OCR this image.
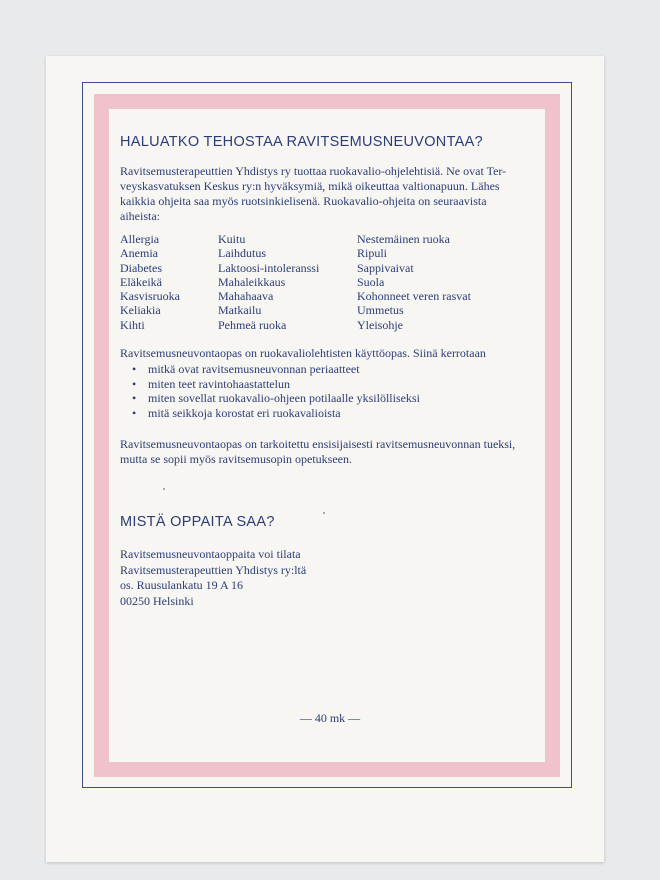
HALUATKO TEHOSTAA RAVITSEMUSNEUVONTAA?
Ravitsemusterapeuttien Yhdistys ry tuottaa ruokavalio-ohjelehtisiä. Ne ovat Ter-
veyskasvatuksen Keskus ry:n hyväksymiä, mikä oikeuttaa valtionapuun. Lähes
kaikkia ohjeita saa myös ruotsinkielisenä. Ruokavalio-ohjeita on seuraavista
aiheista:
Allergia
Anemia
Diabetes
Eläkeikä
Kasvisruoka
Keliakia
Kihti
Kuitu
Laihdutus
Laktoosi-intoleranssi
Mahaleikkaus
Mahahaava
Matkailu
Pehmeä ruoka
Nestemäinen ruoka
Ripuli
Sappivaivat
Suola
Kohonneet veren rasvat
Ummetus
Yleisohje
Ravitsemusneuvontaopas on ruokavaliolehtisten käyttöopas. Siinä kerrotaan
• mitkä ovat ravitsemusneuvonnan periaatteet
• miten teet ravintohaastattelun
• miten sovellat ruokavalio-ohjeen potilaalle yksilölliseksi
• mitä seikkoja korostat eri ruokavalioista
Ravitsemusneuvontaopas on tarkoitettu ensisijaisesti ravitsemusneuvonnan tueksi,
mutta se sopii myös ravitsemusopin opetukseen.
MISTÄ OPPAITA SAA?
Ravitsemusneuvontaoppaita voi tilata
Ravitsemusterapeuttien Yhdistys ry:ltä
os. Ruusulankatu 19 A 16
00250 Helsinki
— 40 mk —
